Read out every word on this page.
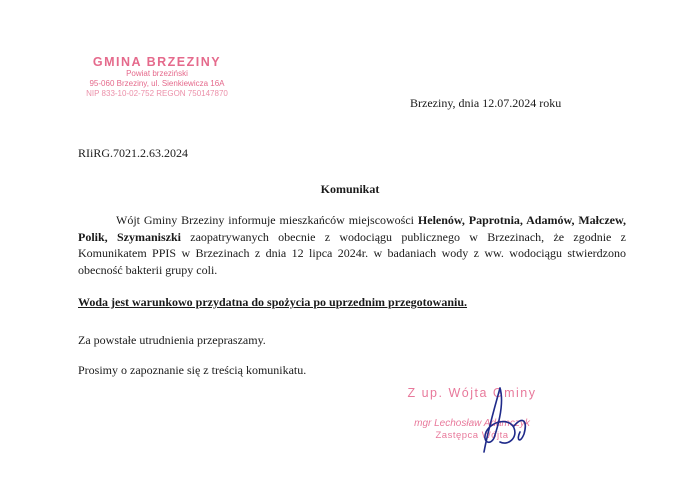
GMINA BRZEZINY
Powiat brzeziński
95-060 Brzeziny, ul. Sienkiewicza 16A
NIP 833-10-02-752 REGON 750147870
Brzeziny, dnia 12.07.2024 roku
RIiRG.7021.2.63.2024
Komunikat
Wójt Gminy Brzeziny informuje mieszkańców miejscowości Helenów, Paprotnia, Adamów, Małczew, Polik, Szymaniszki zaopatrywanych obecnie z wodociągu publicznego w Brzezinach, że zgodnie z Komunikatem PPIS w Brzezinach z dnia 12 lipca 2024r. w badaniach wody z ww. wodociągu stwierdzono obecność bakterii grupy coli.
Woda jest warunkowo przydatna do spożycia po uprzednim przegotowaniu.
Za powstałe utrudnienia przepraszamy.
Prosimy o zapoznanie się z treścią komunikatu.
Z up. Wójta Gminy
mgr Lechosław Adamczyk
Zastępca Wójta
